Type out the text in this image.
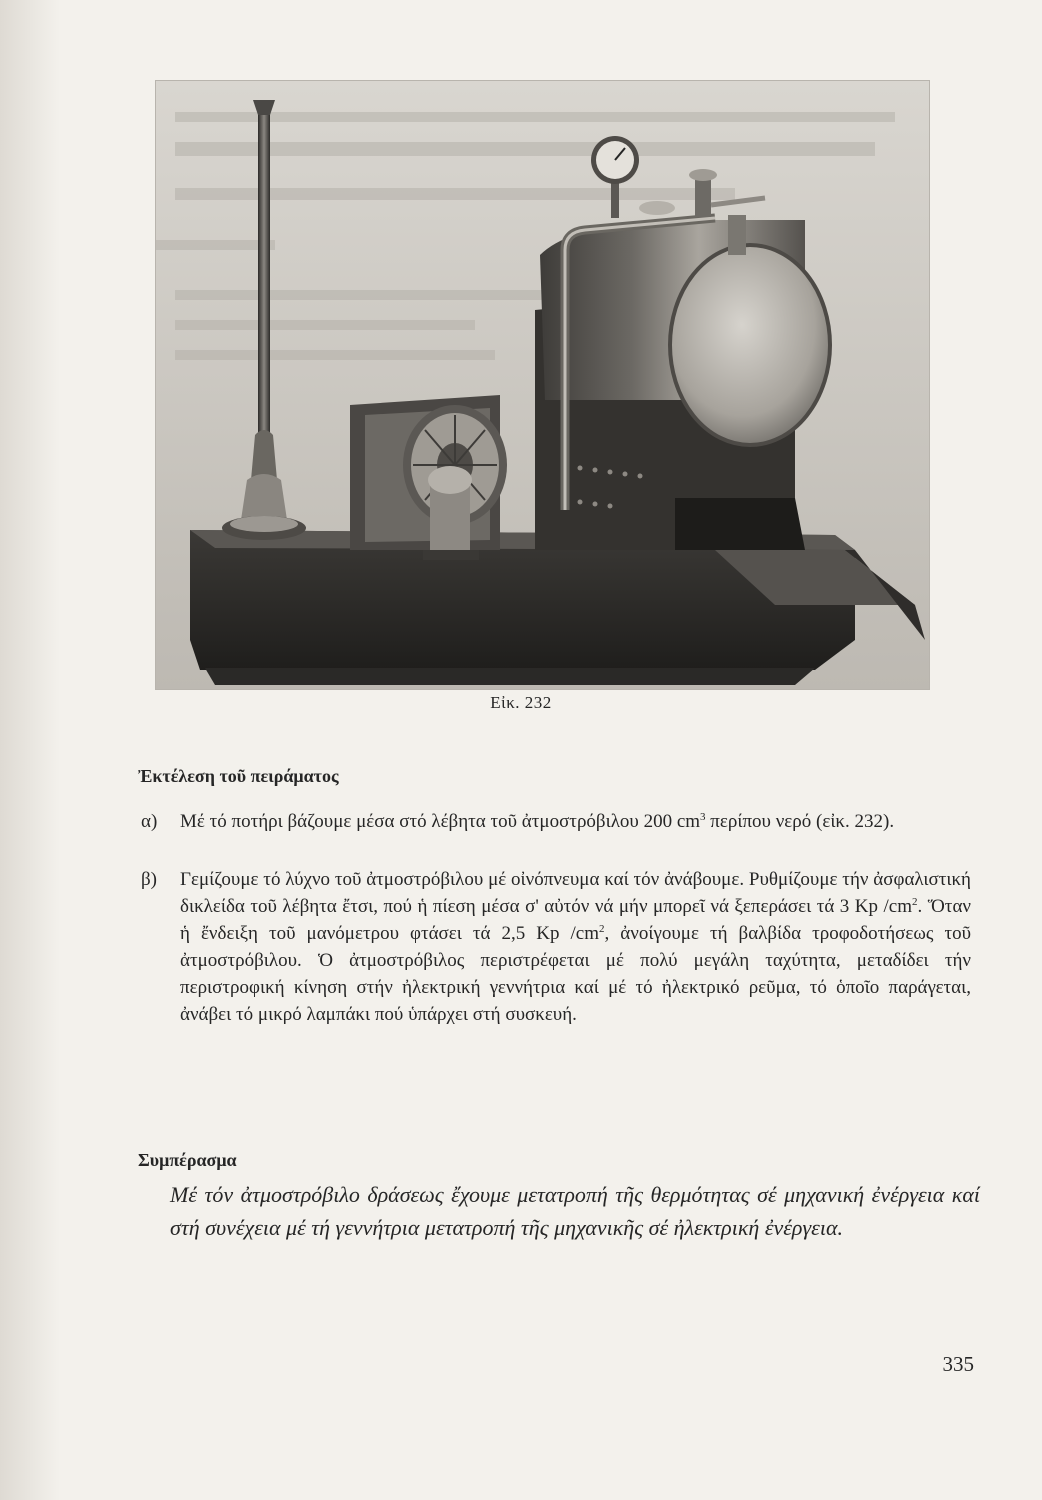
Εἰκ. 232
Ἐκτέλεση τοῦ πειράματος
α)	Μέ τό ποτήρι βάζουμε μέσα στό λέβητα τοῦ ἀτμοστρόβιλου 200 $cm^3$ περίπου νερό (εἰκ. 232).
β)	Γεμίζουμε τό λύχνο τοῦ ἀτμοστρόβιλου μέ οἰνόπνευμα καί τόν ἀνάβουμε. Ρυθμίζουμε τήν ἀσφαλιστική δικλείδα τοῦ λέβητα ἔτσι, πού ἡ πίεση μέσα σ' αὐτόν νά μήν μπορεῖ νά ξεπεράσει τά 3 Kp $/cm^2$. Ὅταν ἡ ἔνδειξη τοῦ μανόμετρου φτάσει τά 2,5 Kp $/cm^2$, ἀνοίγουμε τή βαλβίδα τροφοδοτήσεως τοῦ ἀτμοστρόβιλου. Ὁ ἀτμοστρόβιλος περιστρέφεται μέ πολύ μεγάλη ταχύτητα, μεταδίδει τήν περιστροφική κίνηση στήν ἠλεκτρική γεννήτρια καί μέ τό ἠλεκτρικό ρεῦμα, τό ὁποῖο παράγεται, ἀνάβει τό μικρό λαμπάκι πού ὑπάρχει στή συσκευή.
Συμπέρασμα
Μέ τόν ἀτμοστρόβιλο δράσεως ἔχουμε μετατροπή τῆς θερμότητας σέ μηχανική ἐνέργεια καί στή συνέχεια μέ τή γεννήτρια μετατροπή τῆς μηχανικῆς σέ ἠλεκτρική ἐνέργεια.
335
